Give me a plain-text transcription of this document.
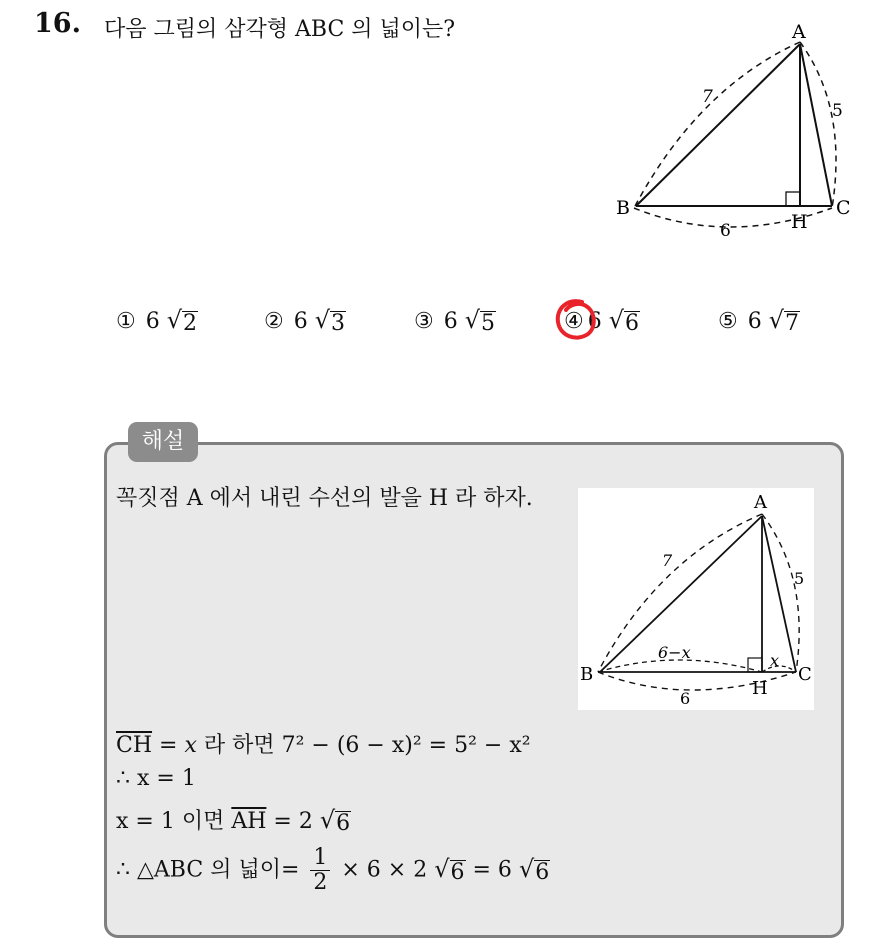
16. 다음 그림의 삼각형 ABC 의 넓이는?	A
B	C
H
7
5
6
① 6 √ 2	② 6 √ 3	③ 6 √ 5	④ 6 √ 6	⑤ 6 √ 7
해설
꼭짓점 A 에서 내린 수선의 발을 H 라 하자.	A
B	C
H
7
5
6
6−x	x
$\overline{CH} = x$ 라 하면 7² − (6 − x)² = 5² − x²
∴ x = 1
x = 1 이면 $\overline{AH} = 2$ √ 6
∴ △ABC 의 넓이= $\frac{1}{2} \times 6 \times 2$ √ 6 = 6 √ 6
